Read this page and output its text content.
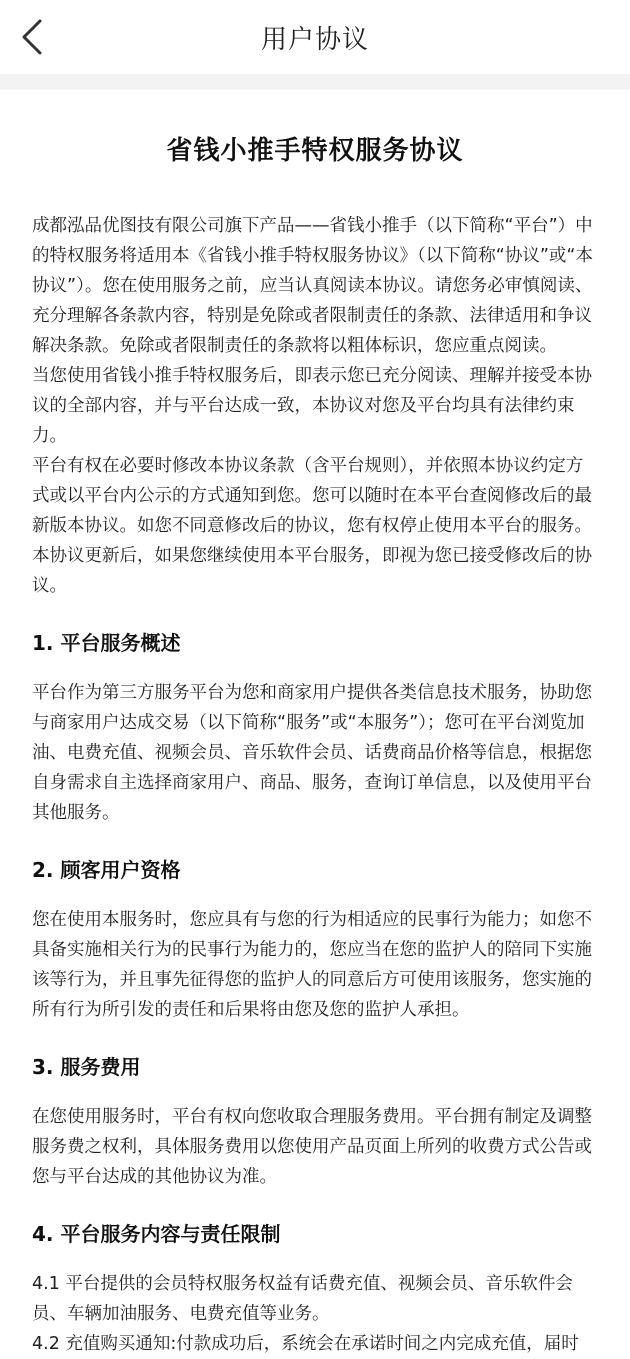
用户协议
省钱小推手特权服务协议

成都泓品优图技有限公司旗下产品——省钱小推手（以下简称“平台”）中的特权服务将适用本《省钱小推手特权服务协议》（以下简称“协议”或“本协议”）。您在使用服务之前，应当认真阅读本协议。请您务必审慎阅读、充分理解各条款内容，特别是免除或者限制责任的条款、法律适用和争议解决条款。免除或者限制责任的条款将以粗体标识，您应重点阅读。

当您使用省钱小推手特权服务后，即表示您已充分阅读、理解并接受本协议的全部内容，并与平台达成一致，本协议对您及平台均具有法律约束力。

平台有权在必要时修改本协议条款（含平台规则），并依照本协议约定方式或以平台内公示的方式通知到您。您可以随时在本平台查阅修改后的最新版本协议。如您不同意修改后的协议，您有权停止使用本平台的服务。本协议更新后，如果您继续使用本平台服务，即视为您已接受修改后的协议。

1. 平台服务概述

平台作为第三方服务平台为您和商家用户提供各类信息技术服务，协助您与商家用户达成交易（以下简称“服务”或“本服务”）；您可在平台浏览加油、电费充值、视频会员、音乐软件会员、话费商品价格等信息，根据您自身需求自主选择商家用户、商品、服务，查询订单信息，以及使用平台其他服务。

2. 顾客用户资格

您在使用本服务时，您应具有与您的行为相适应的民事行为能力；如您不具备实施相关行为的民事行为能力的，您应当在您的监护人的陪同下实施该等行为，并且事先征得您的监护人的同意后方可使用该服务，您实施的所有行为所引发的责任和后果将由您及您的监护人承担。

3. 服务费用

在您使用服务时，平台有权向您收取合理服务费用。平台拥有制定及调整服务费之权利，具体服务费用以您使用产品页面上所列的收费方式公告或您与平台达成的其他协议为准。

4. 平台服务内容与责任限制

4.1 平台提供的会员特权服务权益有话费充值、视频会员、音乐软件会员、车辆加油服务、电费充值等业务。

4.2 充值购买通知:付款成功后，系统会在承诺时间之内完成充值，届时
